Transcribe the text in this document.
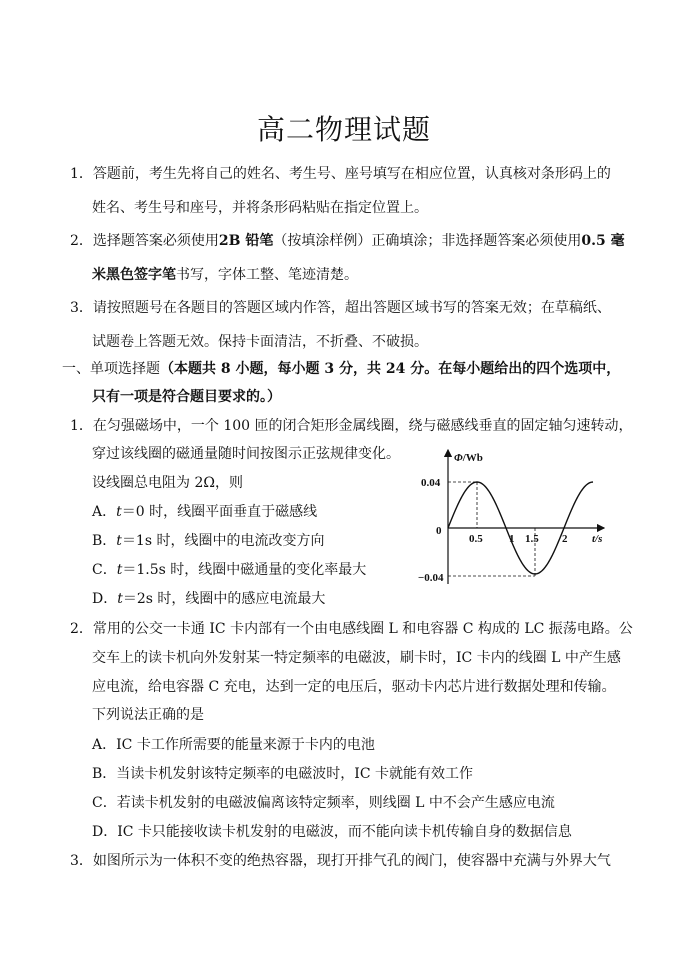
高二物理试题
1．答题前，考生先将自己的姓名、考生号、座号填写在相应位置，认真核对条形码上的
姓名、考生号和座号，并将条形码粘贴在指定位置上。
2．选择题答案必须使用2B 铅笔（按填涂样例）正确填涂；非选择题答案必须使用0.5 毫
米黑色签字笔书写，字体工整、笔迹清楚。
3．请按照题号在各题目的答题区域内作答，超出答题区域书写的答案无效；在草稿纸、
试题卷上答题无效。保持卡面清洁，不折叠、不破损。
一、单项选择题（本题共 8 小题，每小题 3 分，共 24 分。在每小题给出的四个选项中，
只有一项是符合题目要求的。）
1．在匀强磁场中，一个 100 匝的闭合矩形金属线圈，绕与磁感线垂直的固定轴匀速转动，
穿过该线圈的磁通量随时间按图示正弦规律变化。
设线圈总电阻为 2Ω，则
A．t＝0 时，线圈平面垂直于磁感线
B．t＝1s 时，线圈中的电流改变方向
C．t＝1.5s 时，线圈中磁通量的变化率最大
D．t＝2s 时，线圈中的感应电流最大
Φ/Wb
0.04
0
−0.04
0.5 1 1.5 2 t/s
2．常用的公交一卡通 IC 卡内部有一个由电感线圈 L 和电容器 C 构成的 LC 振荡电路。公
交车上的读卡机向外发射某一特定频率的电磁波，刷卡时，IC 卡内的线圈 L 中产生感
应电流，给电容器 C 充电，达到一定的电压后，驱动卡内芯片进行数据处理和传输。
下列说法正确的是
A．IC 卡工作所需要的能量来源于卡内的电池
B．当读卡机发射该特定频率的电磁波时，IC 卡就能有效工作
C．若读卡机发射的电磁波偏离该特定频率，则线圈 L 中不会产生感应电流
D．IC 卡只能接收读卡机发射的电磁波，而不能向读卡机传输自身的数据信息
3．如图所示为一体积不变的绝热容器，现打开排气孔的阀门，使容器中充满与外界大气
